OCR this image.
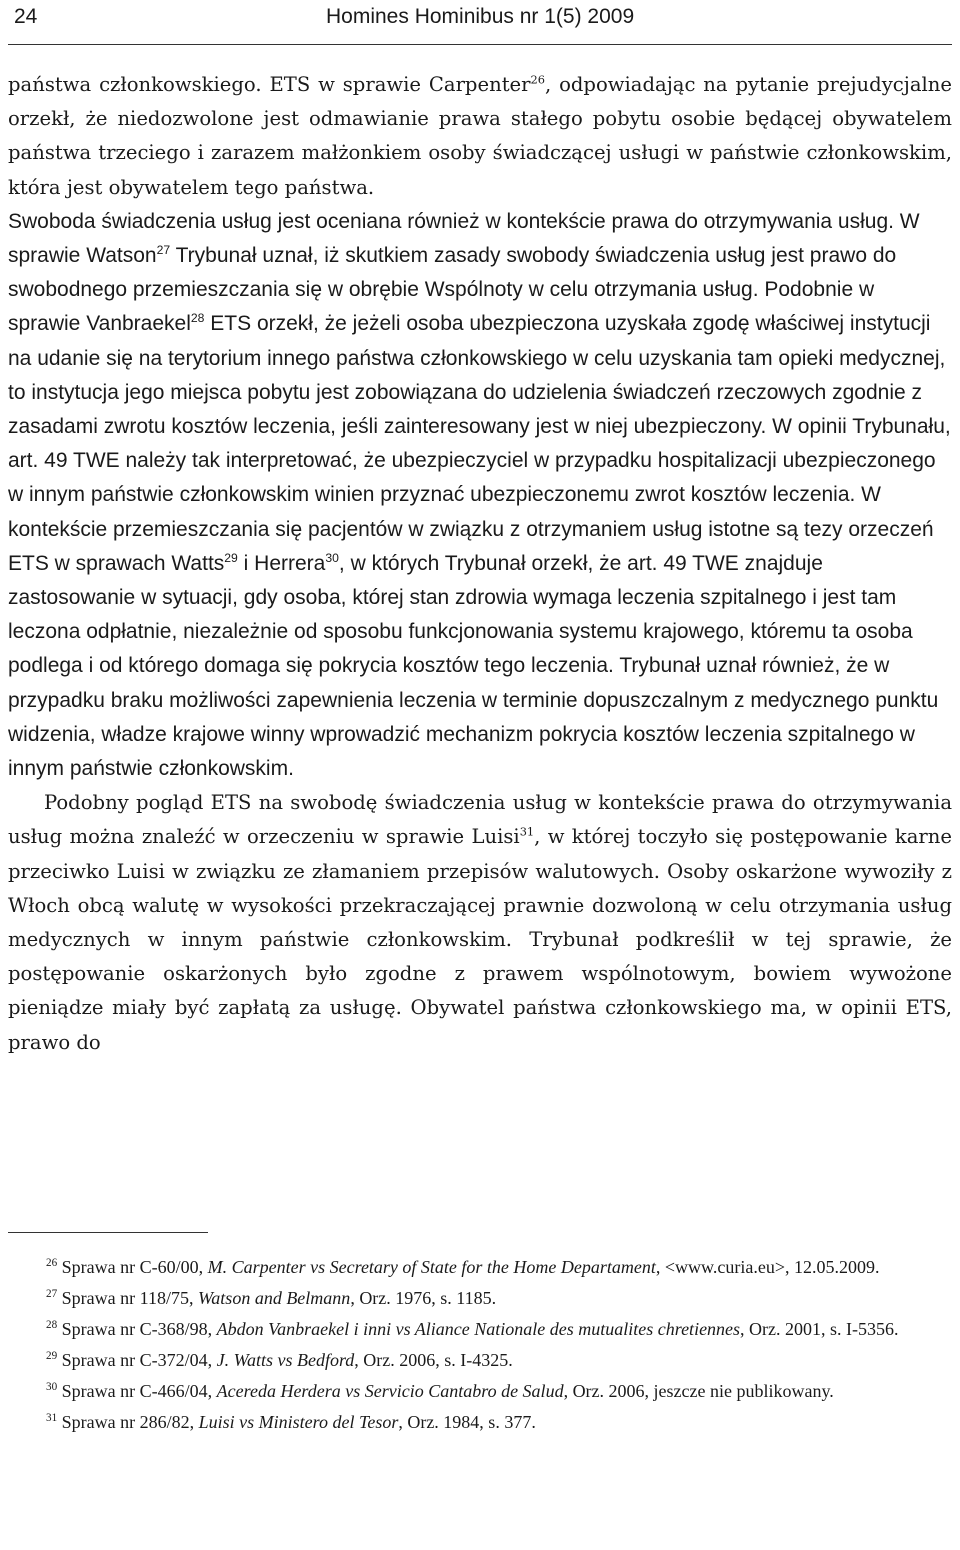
24	Homines Hominibus nr 1(5) 2009

państwa członkowskiego. ETS w sprawie Carpenter$^{26}$, odpowiadając na pytanie prejudycjalne orzekł, że niedozwolone jest odmawianie prawa stałego pobytu osobie będącej obywatelem państwa trzeciego i zarazem małżonkiem osoby świadczącej usługi w państwie członkowskim, która jest obywatelem tego państwa.

Swoboda świadczenia usług jest oceniana również w kontekście prawa do otrzymywania usług. W sprawie Watson$^{27}$ Trybunał uznał, iż skutkiem zasady swobody świadczenia usług jest prawo do swobodnego przemieszczania się w obrębie Wspólnoty w celu otrzymania usług. Podobnie w sprawie Vanbraekel$^{28}$ ETS orzekł, że jeżeli osoba ubezpieczona uzyskała zgodę właściwej instytucji na udanie się na terytorium innego państwa członkowskiego w celu uzyskania tam opieki medycznej, to instytucja jego miejsca pobytu jest zobowiązana do udzielenia świadczeń rzeczowych zgodnie z zasadami zwrotu kosztów leczenia, jeśli zainteresowany jest w niej ubezpieczony. W opinii Trybunału, art. 49 TWE należy tak interpretować, że ubezpieczyciel w przypadku hospitalizacji ubezpieczonego w innym państwie członkowskim winien przyznać ubezpieczonemu zwrot kosztów leczenia. W kontekście przemieszczania się pacjentów w związku z otrzymaniem usług istotne są tezy orzeczeń ETS w sprawach Watts$^{29}$ i Herrera$^{30}$, w których Trybunał orzekł, że art. 49 TWE znajduje zastosowanie w sytuacji, gdy osoba, której stan zdrowia wymaga leczenia szpitalnego i jest tam leczona odpłatnie, niezależnie od sposobu funkcjonowania systemu krajowego, któremu ta osoba podlega i od którego domaga się pokrycia kosztów tego leczenia. Trybunał uznał również, że w przypadku braku możliwości zapewnienia leczenia w terminie dopuszczalnym z medycznego punktu widzenia, władze krajowe winny wprowadzić mechanizm pokrycia kosztów leczenia szpitalnego w innym państwie członkowskim.

Podobny pogląd ETS na swobodę świadczenia usług w kontekście prawa do otrzymywania usług można znaleźć w orzeczeniu w sprawie Luisi$^{31}$, w której toczyło się postępowanie karne przeciwko Luisi w związku ze złamaniem przepisów walutowych. Osoby oskarżone wywoziły z Włoch obcą walutę w wysokości przekraczającej prawnie dozwoloną w celu otrzymania usług medycznych w innym państwie członkowskim. Trybunał podkreślił w tej sprawie, że postępowanie oskarżonych było zgodne z prawem wspólnotowym, bowiem wywożone pieniądze miały być zapłatą za usługę. Obywatel państwa członkowskiego ma, w opinii ETS, prawo do

$^{26}$ Sprawa nr C-60/00, M. Carpenter vs Secretary of State for the Home Departament, <www.curia.eu>, 12.05.2009.

$^{27}$ Sprawa nr 118/75, Watson and Belmann, Orz. 1976, s. 1185.

$^{28}$ Sprawa nr C-368/98, Abdon Vanbraekel i inni vs Aliance Nationale des mutualites chretiennes, Orz. 2001, s. I-5356.

$^{29}$ Sprawa nr C-372/04, J. Watts vs Bedford, Orz. 2006, s. I-4325.

$^{30}$ Sprawa nr C-466/04, Acereda Herdera vs Servicio Cantabro de Salud, Orz. 2006, jeszcze nie publikowany.

$^{31}$ Sprawa nr 286/82, Luisi vs Ministero del Tesor, Orz. 1984, s. 377.
